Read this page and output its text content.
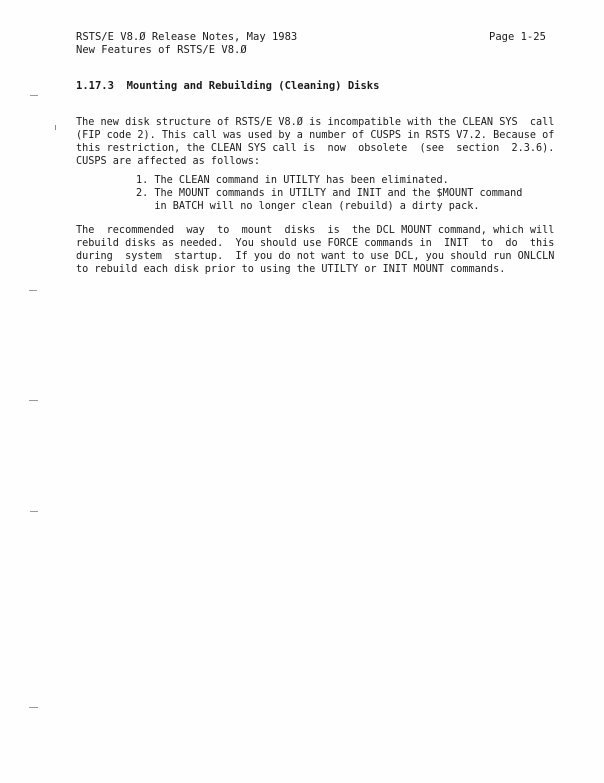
RSTS/E V8.Ø Release Notes, May 1983
New Features of RSTS/E V8.Ø
Page 1-25
1.17.3  Mounting and Rebuilding (Cleaning) Disks
The new disk structure of RSTS/E V8.Ø is incompatible with the CLEAN SYS  call
(FIP code 2). This call was used by a number of CUSPS in RSTS V7.2. Because of
this restriction, the CLEAN SYS call is  now  obsolete  (see  section  2.3.6).
CUSPS are affected as follows:
1. The CLEAN command in UTILTY has been eliminated.
2. The MOUNT commands in UTILTY and INIT and the $MOUNT command
in BATCH will no longer clean (rebuild) a dirty pack.
The  recommended  way  to  mount  disks  is  the DCL MOUNT command, which will
rebuild disks as needed.  You should use FORCE commands in  INIT  to  do  this
during  system  startup.  If you do not want to use DCL, you should run ONLCLN
to rebuild each disk prior to using the UTILTY or INIT MOUNT commands.
